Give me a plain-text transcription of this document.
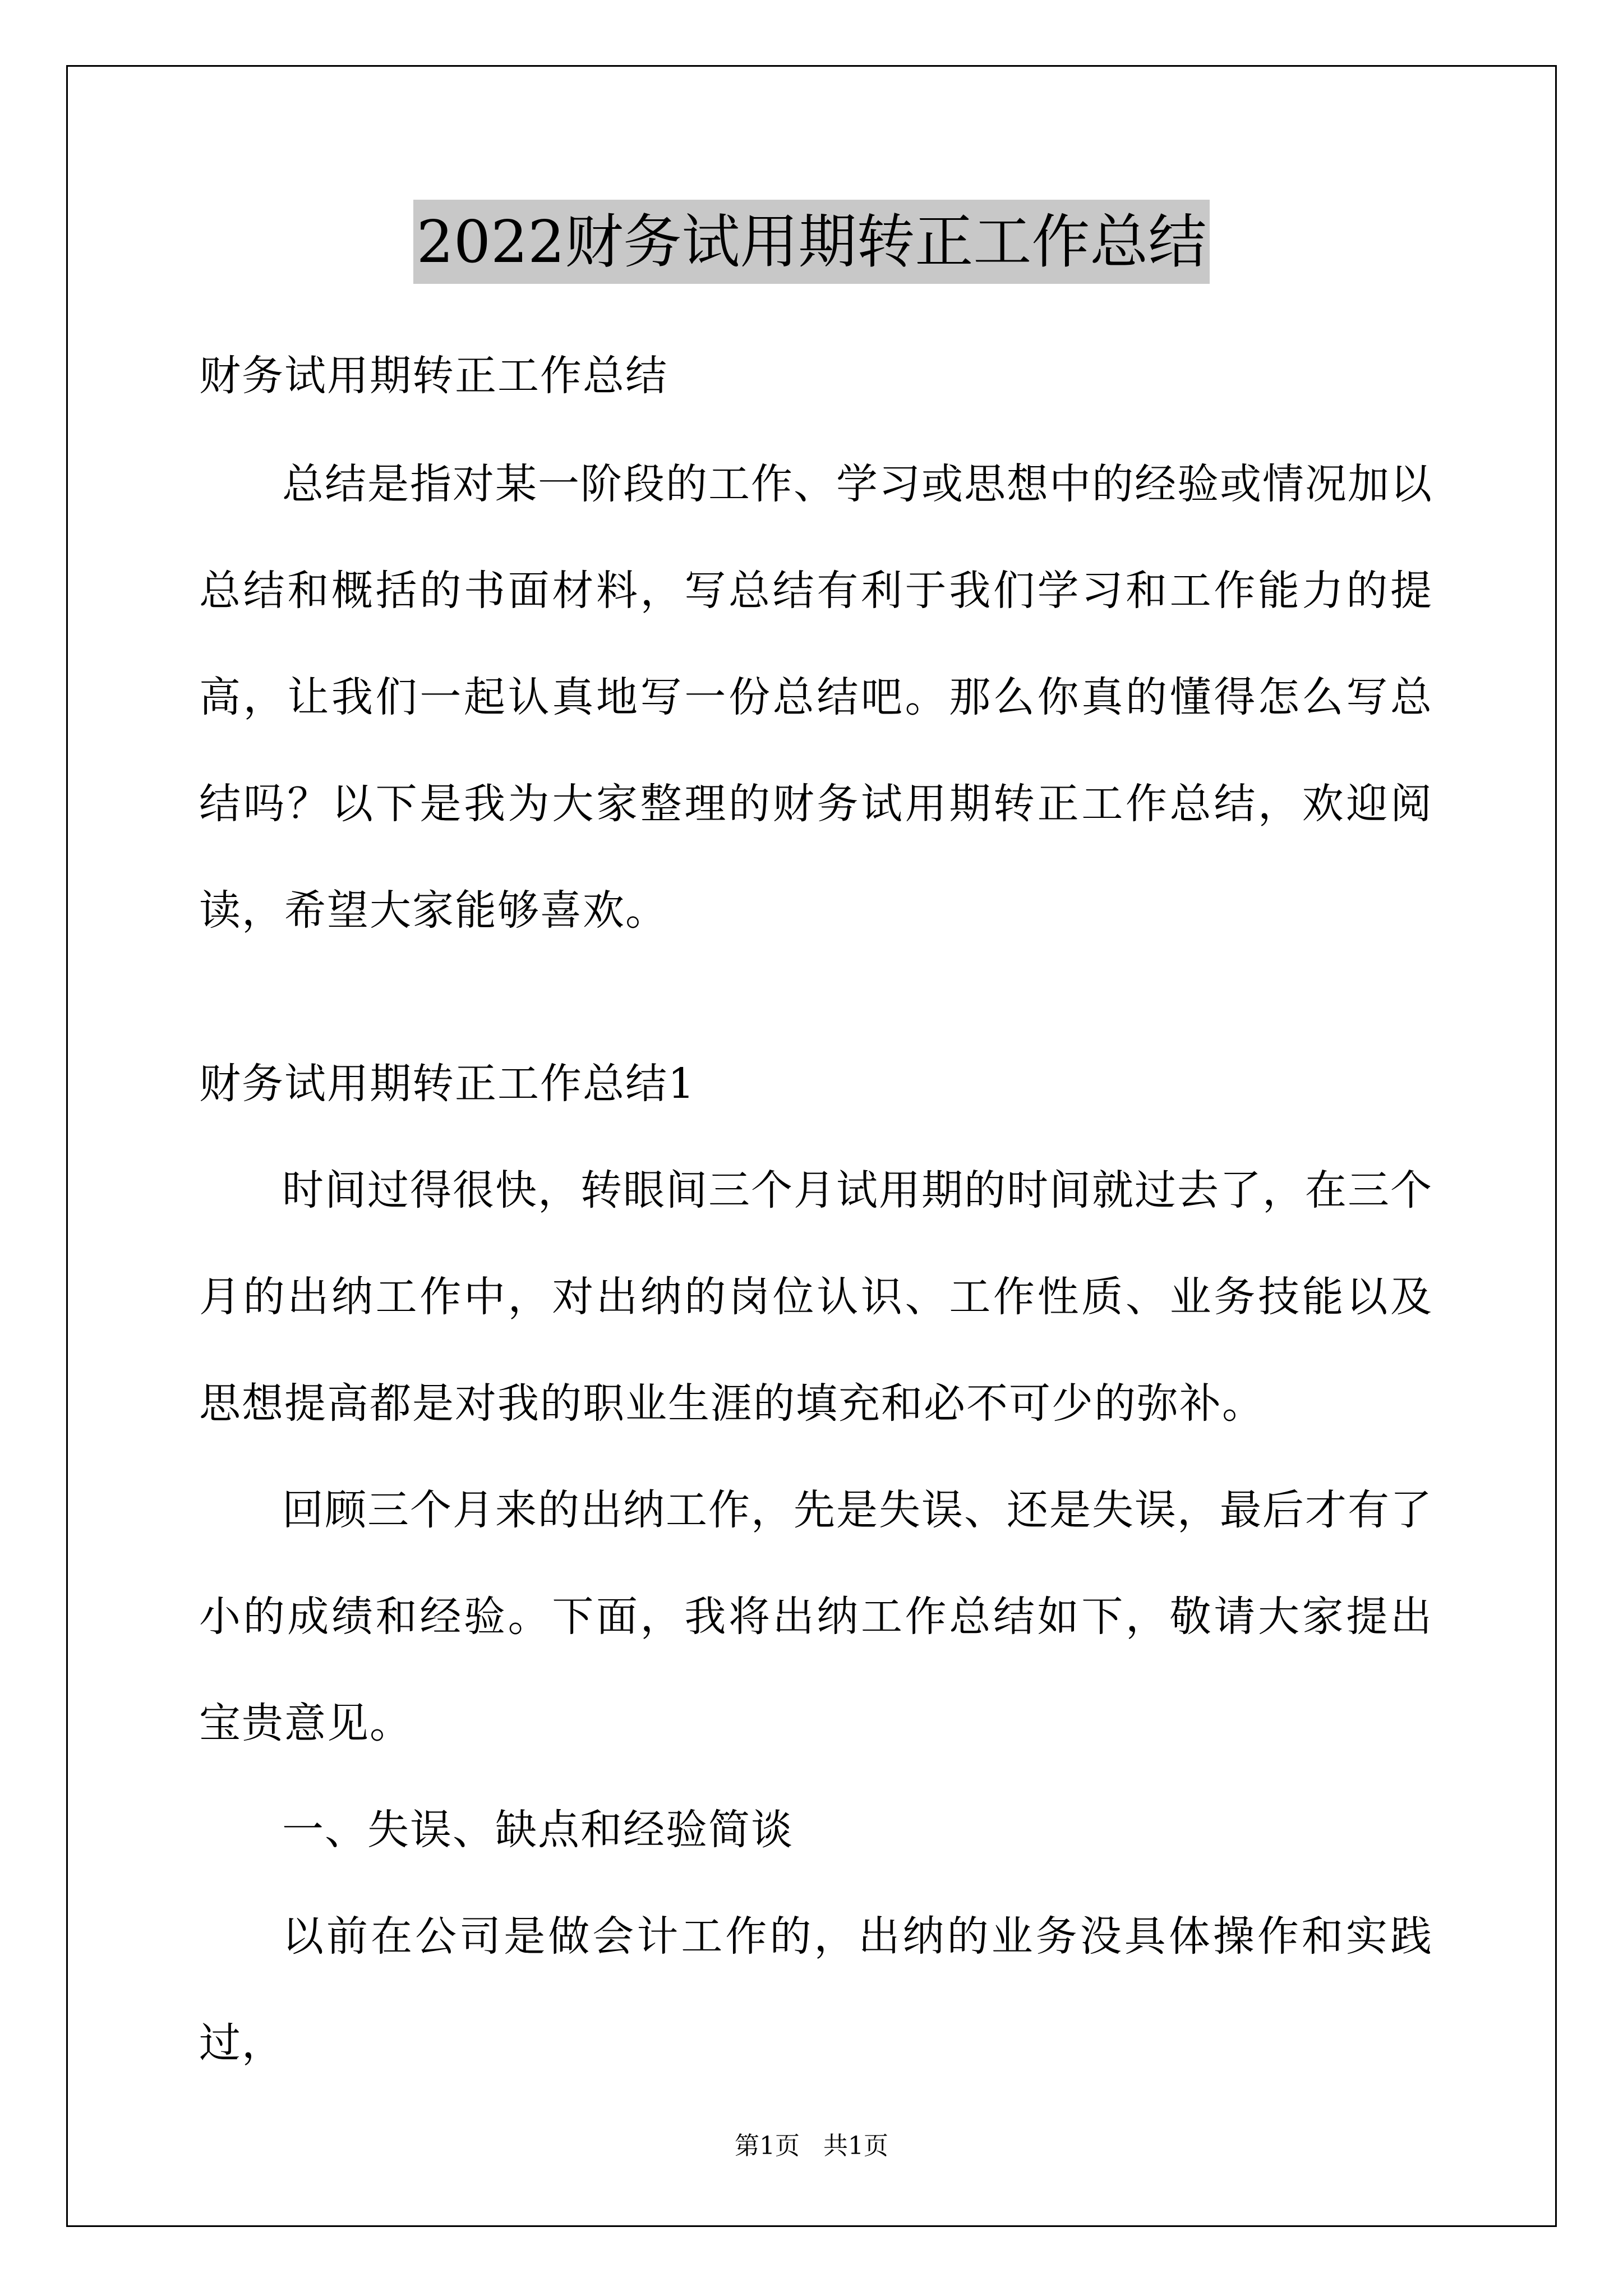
2022财务试用期转正工作总结
财务试用期转正工作总结

总结是指对某一阶段的工作、学习或思想中的经验或情况加以总结和概括的书面材料，写总结有利于我们学习和工作能力的提高，让我们一起认真地写一份总结吧。那么你真的懂得怎么写总结吗？以下是我为大家整理的财务试用期转正工作总结，欢迎阅读，希望大家能够喜欢。

财务试用期转正工作总结1

时间过得很快，转眼间三个月试用期的时间就过去了，在三个月的出纳工作中，对出纳的岗位认识、工作性质、业务技能以及思想提高都是对我的职业生涯的填充和必不可少的弥补。

回顾三个月来的出纳工作，先是失误、还是失误，最后才有了小的成绩和经验。下面，我将出纳工作总结如下，敬请大家提出宝贵意见。

一、失误、缺点和经验简谈

以前在公司是做会计工作的，出纳的业务没具体操作和实践过，

第1页 共1页
